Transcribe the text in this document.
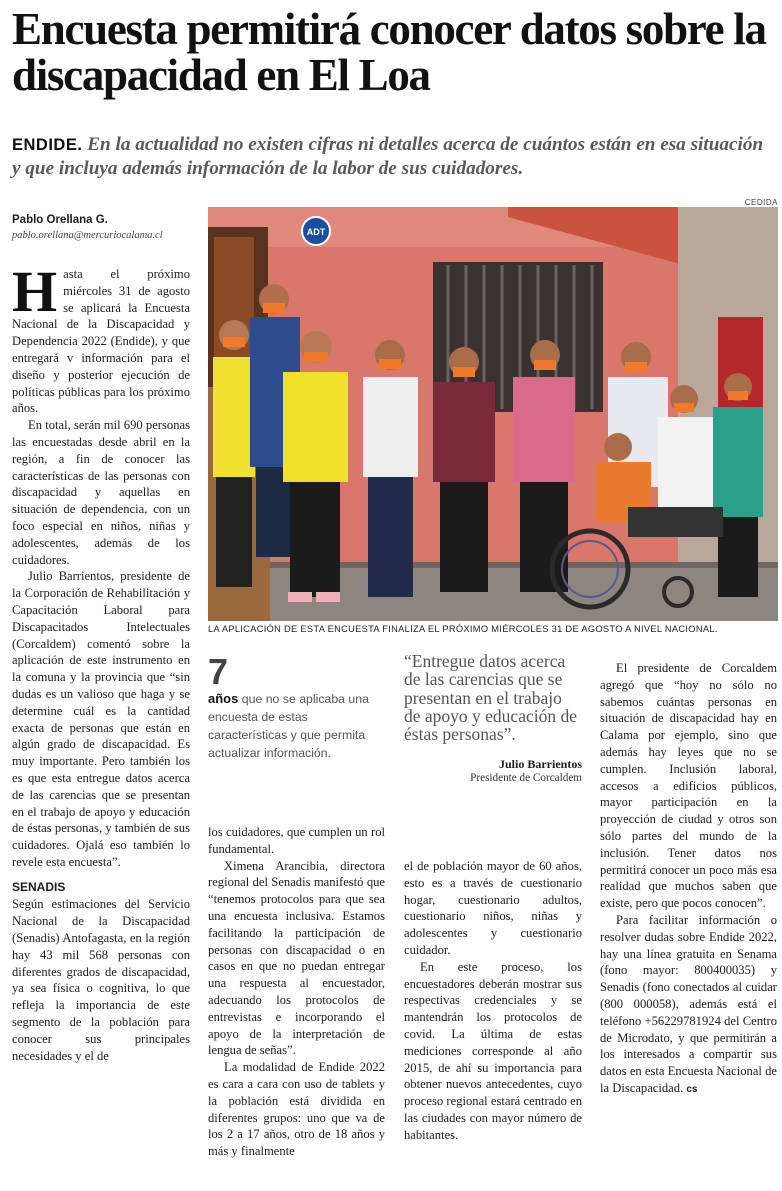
Encuesta permitirá conocer datos sobre la discapacidad en El Loa

ENDIDE. En la actualidad no existen cifras ni detalles acerca de cuántos están en esa situación y que incluya además información de la labor de sus cuidadores.

Pablo Orellana G.
pablo.orellana@mercuriocalama.cl
CEDIDA
ADT
LA APLICACIÓN DE ESTA ENCUESTA FINALIZA EL PRÓXIMO MIÉRCOLES 31 DE AGOSTO A NIVEL NACIONAL.

Hasta el próximo miércoles 31 de agosto se aplicará la Encuesta Nacional de la Discapacidad y Dependencia 2022 (Endide), y que entregará v información para el diseño y posterior ejecución de políticas públicas para los próximo años.

En total, serán mil 690 personas las encuestadas desde abril en la región, a fin de conocer las características de las personas con discapacidad y aquellas en situación de dependencia, con un foco especial en niños, niñas y adolescentes, además de los cuidadores.

Julio Barrientos, presidente de la Corporación de Rehabilitación y Capacitación Laboral para Discapacitados Intelectuales (Corcaldem) comentó sobre la aplicación de este instrumento en la comuna y la provincia que “sin dudas es un valioso que haga y se determine cuál es la cantidad exacta de personas que están en algún grado de discapacidad. Es muy importante. Pero también los es que esta entregue datos acerca de las carencias que se presentan en el trabajo de apoyo y educación de éstas personas, y también de sus cuidadores. Ojalá eso también lo revele esta encuesta”.

SENADIS

Según estimaciones del Servicio Nacional de la Discapacidad (Senadis) Antofagasta, en la región hay 43 mil 568 personas con diferentes grados de discapacidad, ya sea física o cognitiva, lo que refleja la importancia de este segmento de la población para conocer sus principales necesidades y el de

7
años que no se aplicaba una encuesta de estas características y que permita actualizar información.
“Entregue datos acerca de las carencias que se presentan en el trabajo de apoyo y educación de éstas personas”.
Julio Barrientos
Presidente de Corcaldem

los cuidadores, que cumplen un rol fundamental.

Ximena Arancibia, directora regional del Senadis manifestó que “tenemos protocolos para que sea una encuesta inclusiva. Estamos facilitando la participación de personas con discapacidad o en casos en que no puedan entregar una respuesta al encuestador, adecuando los protocolos de entrevistas e incorporando el apoyo de la interpretación de lengua de señas”.

La modalidad de Endide 2022 es cara a cara con uso de tablets y la población está dividida en diferentes grupos: uno que va de los 2 a 17 años, otro de 18 años y más y finalmente

el de población mayor de 60 años, esto es a través de cuestionario hogar, cuestionario adultos, cuestionario niños, niñas y adolescentes y cuestionario cuidador.

En este proceso, los encuestadores deberán mostrar sus respectivas credenciales y se mantendrán los protocolos de covid. La última de estas mediciones corresponde al año 2015, de ahí su importancia para obtener nuevos antecedentes, cuyo proceso regional estará centrado en las ciudades con mayor número de habitantes.

El presidente de Corcaldem agregó que “hoy no sólo no sabemos cuántas personas en situación de discapacidad hay en Calama por ejemplo, sino que además hay leyes que no se cumplen. Inclusión laboral, accesos a edificios públicos, mayor participación en la proyección de ciudad y otros son sólo partes del mundo de la inclusión. Tener datos nos permitirá conocer un poco más esa realidad que muchos saben que existe, pero que pocos conocen”.

Para facilitar información o resolver dudas sobre Endide 2022, hay una línea gratuita en Senama (fono mayor: 800400035) y Senadis (fono conectados al cuidar (800 000058), además está el teléfono +56229781924 del Centro de Microdato, y que permitirán a los interesados a compartir sus datos en esta Encuesta Nacional de la Discapacidad. cs
